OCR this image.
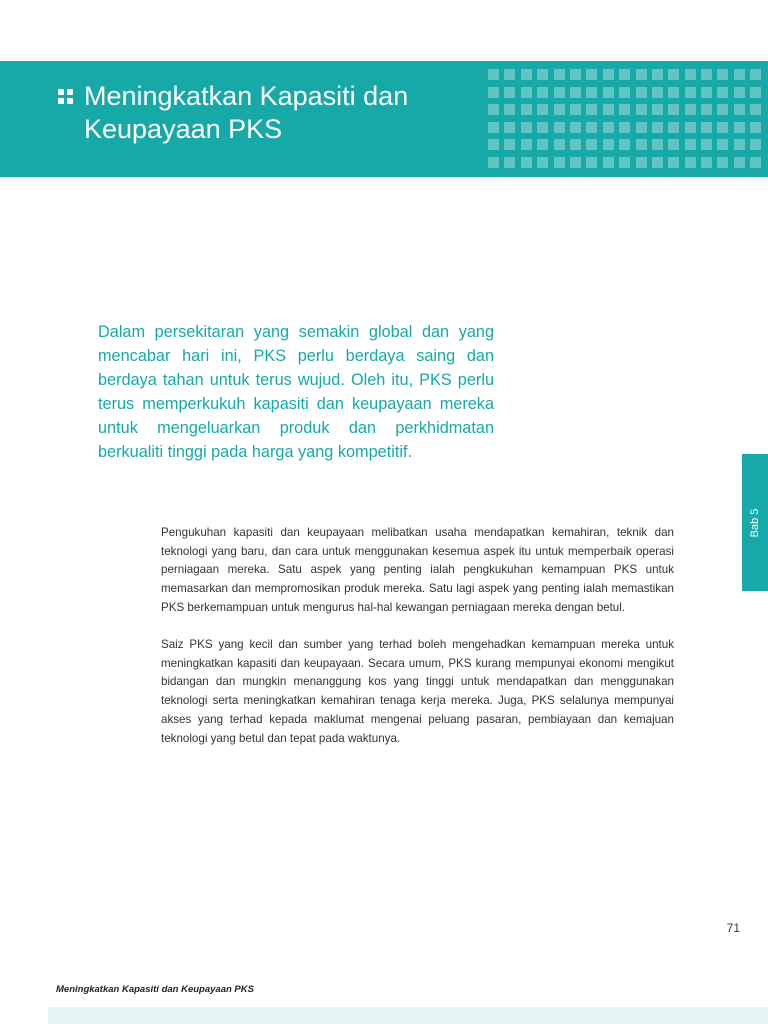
Meningkatkan Kapasiti dan
Keupayaan PKS

Dalam persekitaran yang semakin global dan yang mencabar hari ini, PKS perlu berdaya saing dan berdaya tahan untuk terus wujud. Oleh itu, PKS perlu terus memperkukuh kapasiti dan keupayaan mereka untuk mengeluarkan produk dan perkhidmatan berkualiti tinggi pada harga yang kompetitif.

Pengukuhan kapasiti dan keupayaan melibatkan usaha mendapatkan kemahiran, teknik dan teknologi yang baru, dan cara untuk menggunakan kesemua aspek itu untuk memperbaik operasi perniagaan mereka. Satu aspek yang penting ialah pengkukuhan kemampuan PKS untuk memasarkan dan mempromosikan produk mereka. Satu lagi aspek yang penting ialah memastikan PKS berkemampuan untuk mengurus hal-hal kewangan perniagaan mereka dengan betul.

Saiz PKS yang kecil dan sumber yang terhad boleh mengehadkan kemampuan mereka untuk meningkatkan kapasiti dan keupayaan. Secara umum, PKS kurang mempunyai ekonomi mengikut bidangan dan mungkin menanggung kos yang tinggi untuk mendapatkan dan menggunakan teknologi serta meningkatkan kemahiran tenaga kerja mereka. Juga, PKS selalunya mempunyai akses yang terhad kepada maklumat mengenai peluang pasaran, pembiayaan dan kemajuan teknologi yang betul dan tepat pada waktunya.

Bab 5
71
Meningkatkan Kapasiti dan Keupayaan PKS
